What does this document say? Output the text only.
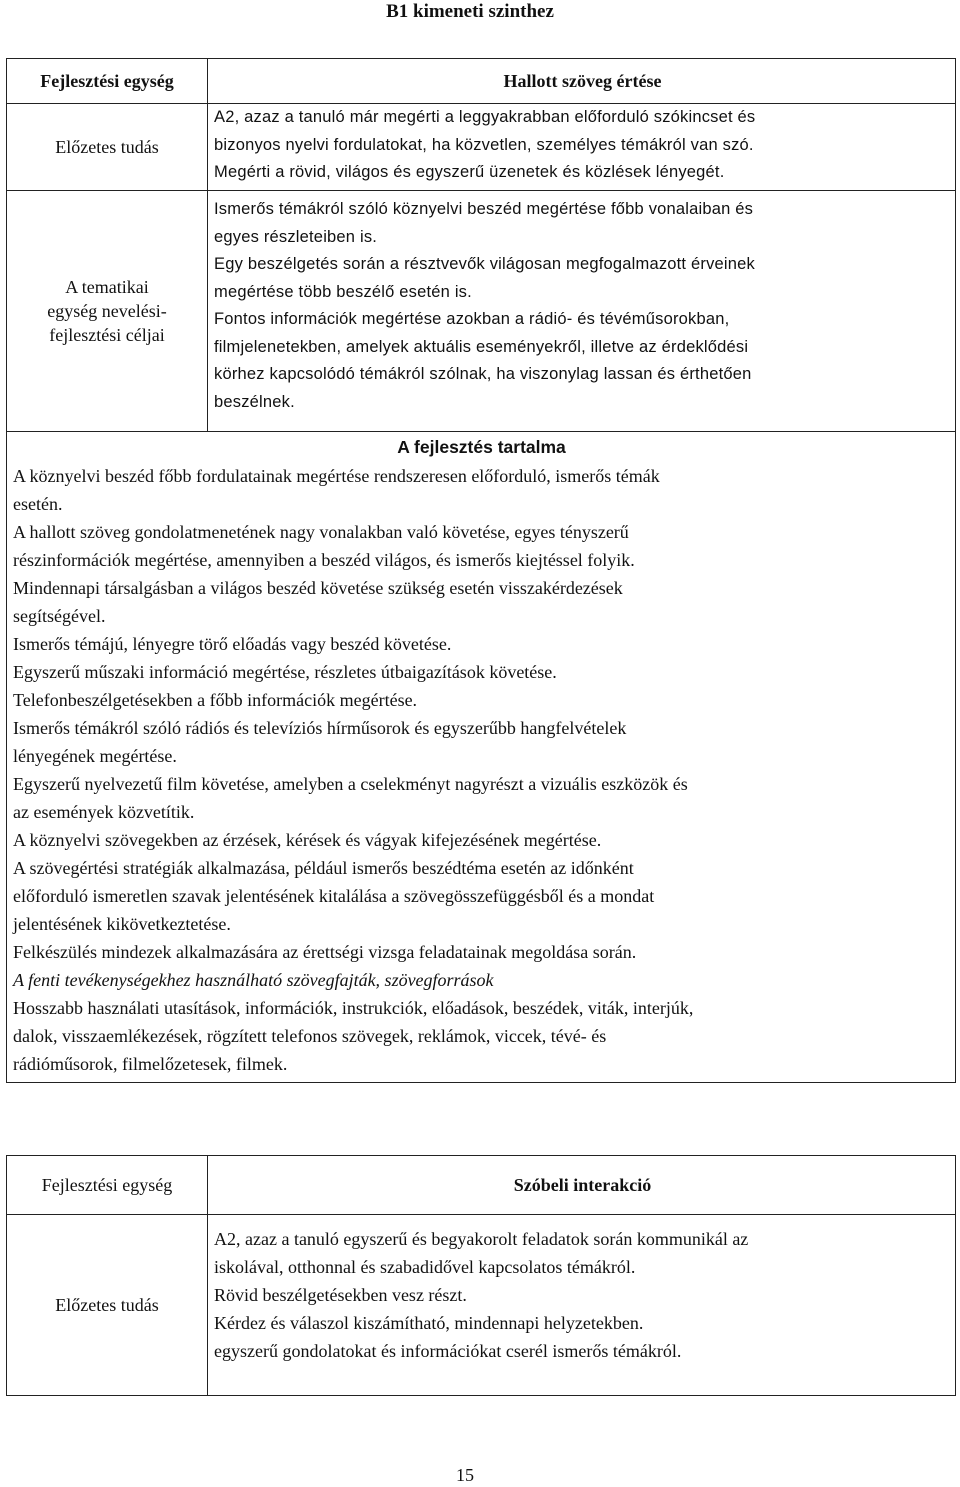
B1 kimeneti szinthez
Fejlesztési egység	Hallott szöveg értése
Előzetes tudás

A2, azaz a tanuló már megérti a leggyakrabban előforduló szókincset és

bizonyos nyelvi fordulatokat, ha közvetlen, személyes témákról van szó.

Megérti a rövid, világos és egyszerű üzenetek és közlések lényegét.

A tematikai
egység nevelési-
fejlesztési céljai

Ismerős témákról szóló köznyelvi beszéd megértése főbb vonalaiban és

egyes részleteiben is.

Egy beszélgetés során a résztvevők világosan megfogalmazott érveinek

megértése több beszélő esetén is.

Fontos információk megértése azokban a rádió- és tévéműsorokban,

filmjelenetekben, amelyek aktuális eseményekről, illetve az érdeklődési

körhez kapcsolódó témákról szólnak, ha viszonylag lassan és érthetően

beszélnek.

A fejlesztés tartalma

A köznyelvi beszéd főbb fordulatainak megértése rendszeresen előforduló, ismerős témák

esetén.

A hallott szöveg gondolatmenetének nagy vonalakban való követése, egyes tényszerű

részinformációk megértése, amennyiben a beszéd világos, és ismerős kiejtéssel folyik.

Mindennapi társalgásban a világos beszéd követése szükség esetén visszakérdezések

segítségével.

Ismerős témájú, lényegre törő előadás vagy beszéd követése.

Egyszerű műszaki információ megértése, részletes útbaigazítások követése.

Telefonbeszélgetésekben a főbb információk megértése.

Ismerős témákról szóló rádiós és televíziós hírműsorok és egyszerűbb hangfelvételek

lényegének megértése.

Egyszerű nyelvezetű film követése, amelyben a cselekményt nagyrészt a vizuális eszközök és

az események közvetítik.

A köznyelvi szövegekben az érzések, kérések és vágyak kifejezésének megértése.

A szövegértési stratégiák alkalmazása, például ismerős beszédtéma esetén az időnként

előforduló ismeretlen szavak jelentésének kitalálása a szövegösszefüggésből és a mondat

jelentésének kikövetkeztetése.

Felkészülés mindezek alkalmazására az érettségi vizsga feladatainak megoldása során.

A fenti tevékenységekhez használható szövegfajták, szövegforrások

Hosszabb használati utasítások, információk, instrukciók, előadások, beszédek, viták, interjúk,

dalok, visszaemlékezések, rögzített telefonos szövegek, reklámok, viccek, tévé- és

rádióműsorok, filmelőzetesek, filmek.

Fejlesztési egység	Szóbeli interakció
Előzetes tudás

A2, azaz a tanuló egyszerű és begyakorolt feladatok során kommunikál az

iskolával, otthonnal és szabadidővel kapcsolatos témákról.

Rövid beszélgetésekben vesz részt.

Kérdez és válaszol kiszámítható, mindennapi helyzetekben.

egyszerű gondolatokat és információkat cserél ismerős témákról.

15
